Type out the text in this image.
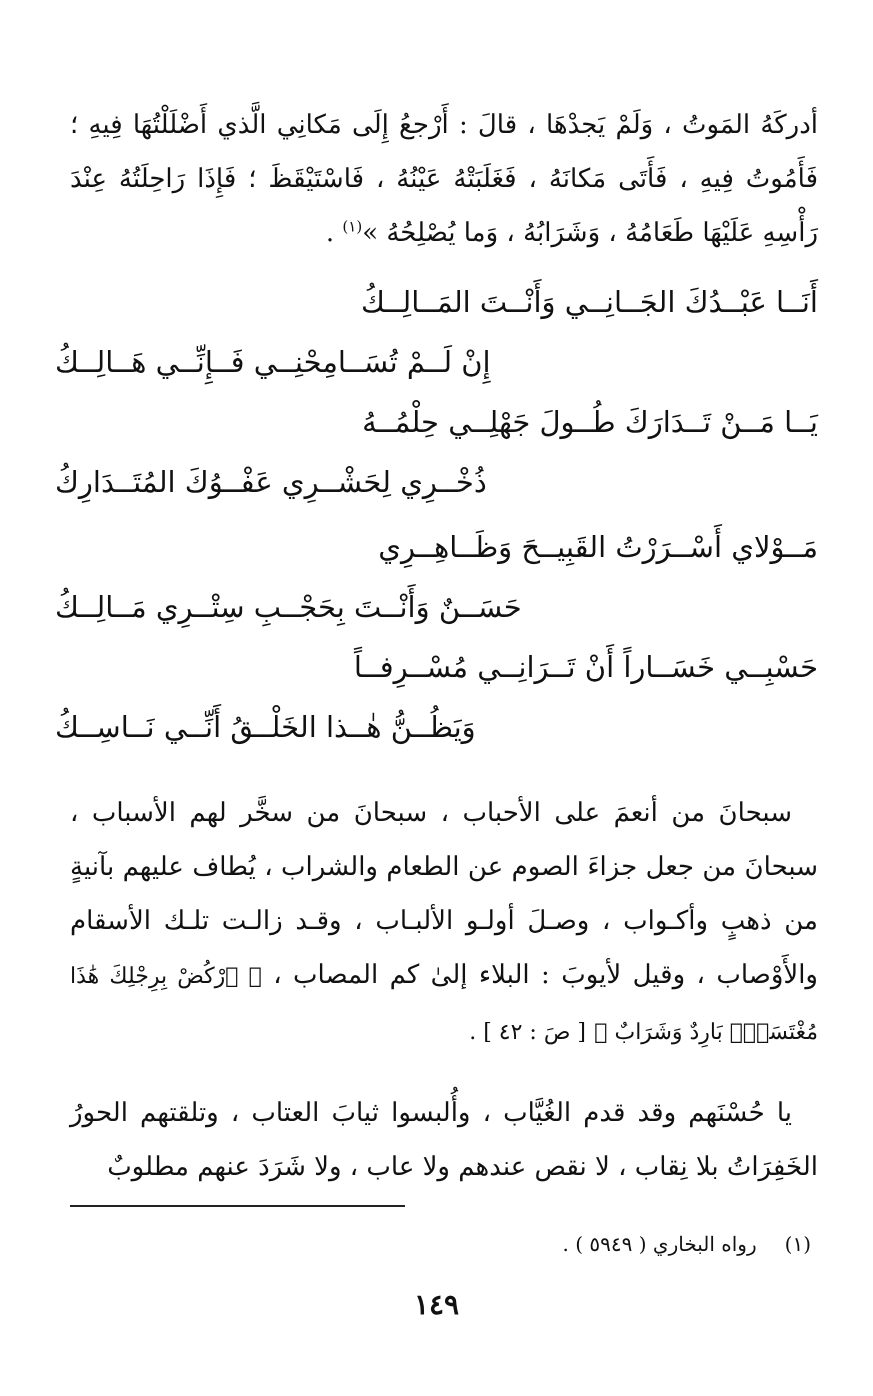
أدركَهُ المَوتُ ، وَلَمْ يَجدْهَا ، قالَ : أَرْجعُ إِلَى مَكانِي الَّذي أَضْلَلْتُهَا فِيهِ ؛ فَأَمُوتُ فِيهِ ، فَأَتَى مَكانَهُ ، فَغَلَبَتْهُ عَيْنُهُ ، فَاسْتَيْقَظَ ؛ فَإِذَا رَاحِلَتُهُ عِنْدَ رَأْسِهِ عَلَيْهَا طَعَامُهُ ، وَشَرَابُهُ ، وَما يُصْلِحُهُ »$^{(١)}$ .

أَنَــا عَبْــدُكَ الجَــانِــي وَأَنْــتَ المَــالِــكُ
إِنْ لَــمْ تُسَــامِحْنِــي فَــإِنِّــي هَــالِــكُ
يَــا مَــنْ تَــدَارَكَ طُــولَ جَهْلِــي حِلْمُــهُ
ذُخْــرِي لِحَشْــرِي عَفْــوُكَ المُتَــدَارِكُ
مَــوْلاي أَسْــرَرْتُ القَبِيــحَ وَظَــاهِــرِي
حَسَــنٌ وَأَنْــتَ بِحَجْــبِ سِتْــرِي مَــالِــكُ
حَسْبِــي خَسَــاراً أَنْ تَــرَانِــي مُسْــرِفــاً
وَيَظُــنُّ هٰــذا الخَلْــقُ أَنِّــي نَــاسِــكُ

سبحانَ من أنعمَ على الأحباب ، سبحانَ من سخَّر لهم الأسباب ، سبحانَ من جعل جزاءَ الصوم عن الطعام والشراب ، يُطاف عليهم بآنيةٍ من ذهبٍ وأكـواب ، وصـلَ أولـو الألبـاب ، وقـد زالـت تلـك الأسقام والأَوْصاب ، وقيل لأيوبَ : البلاء إلىٰ كم المصاب ، ﴿ ٱرْكُضْ بِرِجْلِكَ هَٰذَا مُغْتَسَلٌۢ بَارِدٌ وَشَرَابٌ ﴾ [ صَ : ٤٢ ] .

يا حُسْنَهم وقد قدم الغُيَّاب ، وأُلبسوا ثيابَ العتاب ، وتلقتهم الحورُ الخَفِرَاتُ بلا نِقاب ، لا نقص عندهم ولا عاب ، ولا شَرَدَ عنهم مطلوبٌ

(١)رواه البخاري ( ٥٩٤٩ ) .
١٤٩
